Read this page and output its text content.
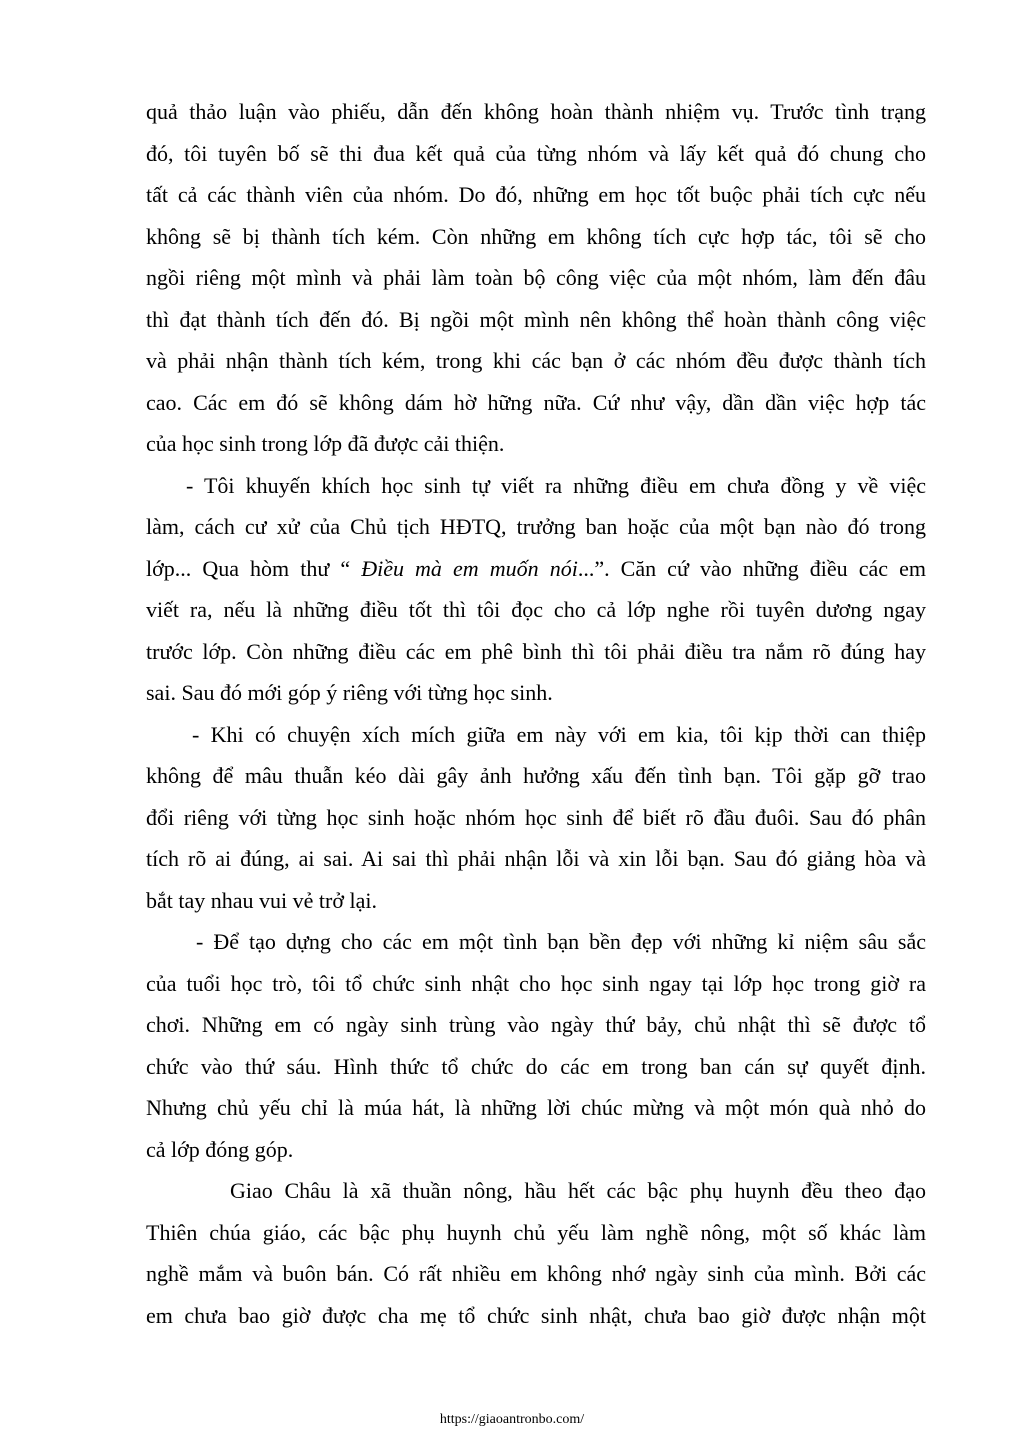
quả thảo luận vào phiếu, dẫn đến không hoàn thành nhiệm vụ. Trước tình trạng
đó, tôi tuyên bố sẽ thi đua kết quả của từng nhóm và lấy kết quả đó chung cho
tất cả các thành viên của nhóm. Do đó, những em học tốt buộc phải tích cực nếu
không sẽ bị thành tích kém. Còn những em không tích cực hợp tác, tôi sẽ cho
ngồi riêng một mình và phải làm toàn bộ công việc của một nhóm, làm đến đâu
thì đạt thành tích đến đó. Bị ngồi một mình nên không thể hoàn thành công việc
và phải nhận thành tích kém, trong khi các bạn ở các nhóm đều được thành tích
cao. Các em đó sẽ không dám hờ hững nữa. Cứ như vậy, dần dần việc hợp tác
của học sinh trong lớp đã được cải thiện.
- Tôi khuyến khích học sinh tự viết ra những điều em chưa đồng y về việc
làm, cách cư xử của Chủ tịch HĐTQ, trưởng ban hoặc của một bạn nào đó trong
lớp... Qua hòm thư “ Điều mà em muốn nói...”. Căn cứ vào những điều các em
viết ra, nếu là những điều tốt thì tôi đọc cho cả lớp nghe rồi tuyên dương ngay
trước lớp. Còn những điều các em phê bình thì tôi phải điều tra nắm rõ đúng hay
sai. Sau đó mới góp ý riêng với từng học sinh.
- Khi có chuyện xích mích giữa em này với em kia, tôi kịp thời can thiệp
không để mâu thuẫn kéo dài gây ảnh hưởng xấu đến tình bạn. Tôi gặp gỡ trao
đổi riêng với từng học sinh hoặc nhóm học sinh để biết rõ đầu đuôi. Sau đó phân
tích rõ ai đúng, ai sai. Ai sai thì phải nhận lỗi và xin lỗi bạn. Sau đó giảng hòa và
bắt tay nhau vui vẻ trở lại.
- Để tạo dựng cho các em một tình bạn bền đẹp với những kỉ niệm sâu sắc
của tuổi học trò, tôi tổ chức sinh nhật cho học sinh ngay tại lớp học trong giờ ra
chơi. Những em có ngày sinh trùng vào ngày thứ bảy, chủ nhật thì sẽ được tổ
chức vào thứ sáu. Hình thức tổ chức do các em trong ban cán sự quyết định.
Nhưng chủ yếu chỉ là múa hát, là những lời chúc mừng và một món quà nhỏ do
cả lớp đóng góp.
Giao Châu là xã thuần nông, hầu hết các bậc phụ huynh đều theo đạo
Thiên chúa giáo, các bậc phụ huynh chủ yếu làm nghề nông, một số khác làm
nghề mắm và buôn bán. Có rất nhiều em không nhớ ngày sinh của mình. Bởi các
em chưa bao giờ được cha mẹ tổ chức sinh nhật, chưa bao giờ được nhận một
https://giaoantronbo.com/
